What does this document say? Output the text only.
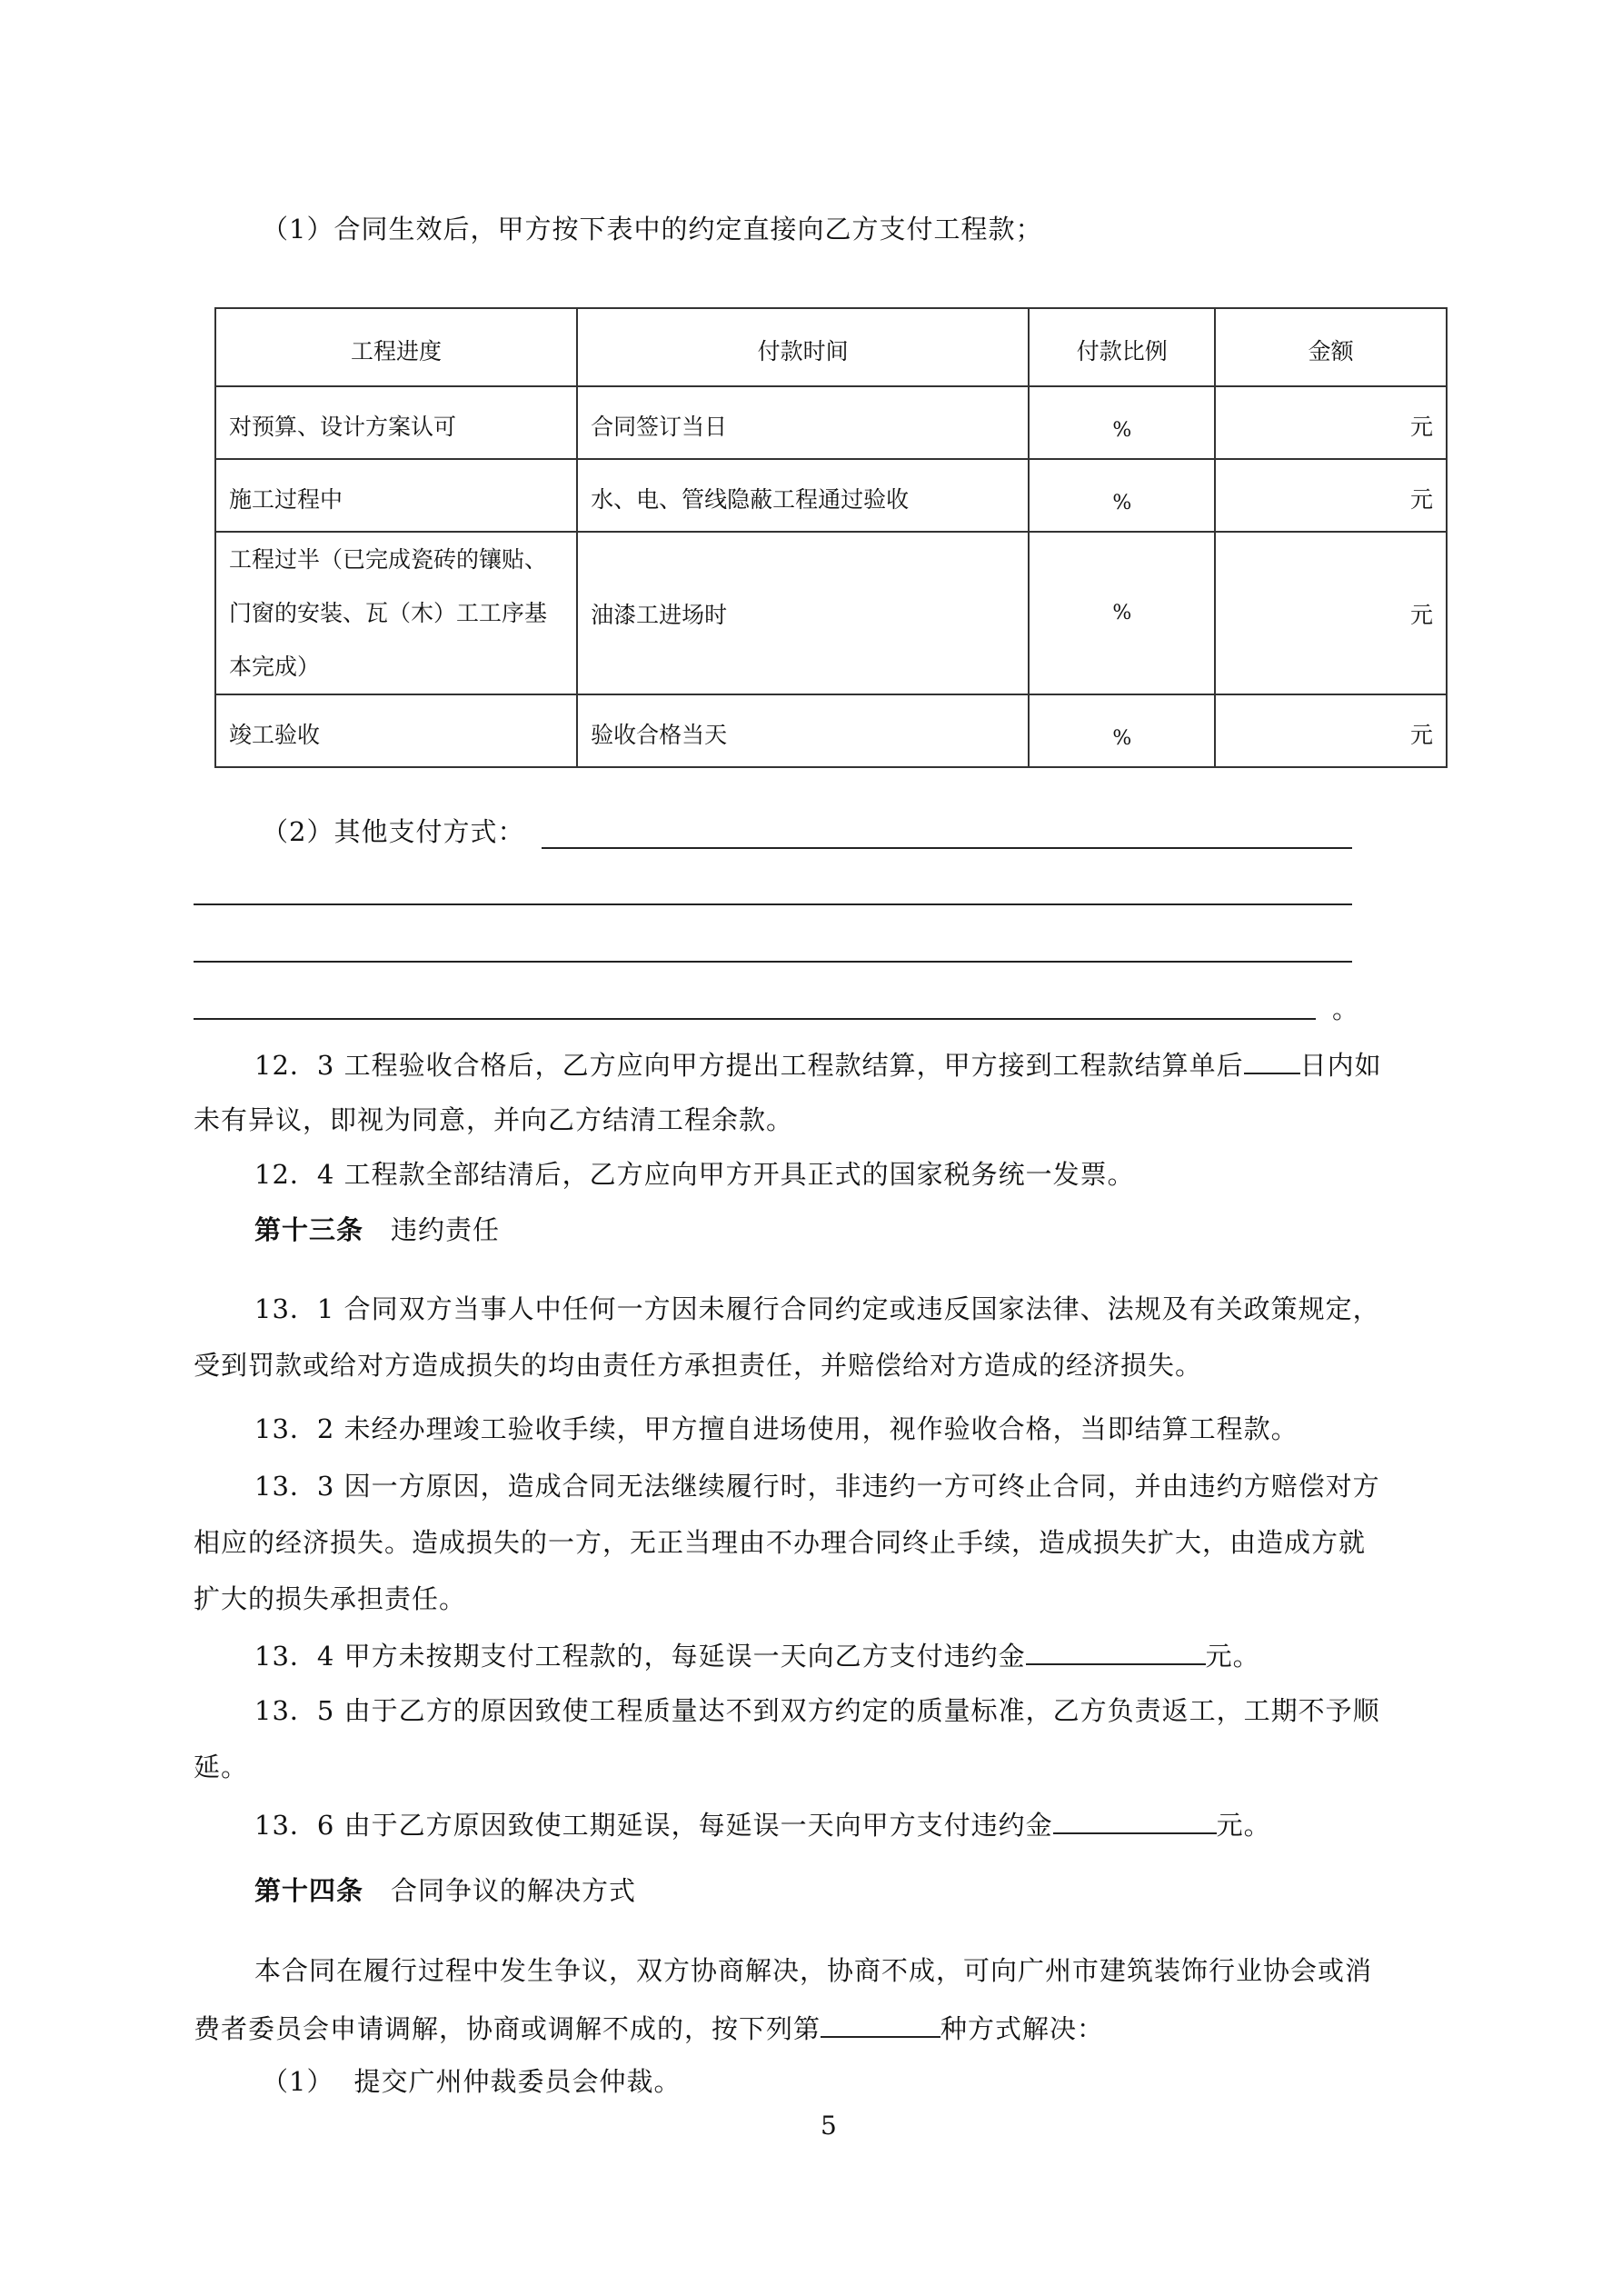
（1）合同生效后，甲方按下表中的约定直接向乙方支付工程款；
工程进度	付款时间	付款比例	金额
对预算、设计方案认可	合同签订当日	%	元
施工过程中	水、电、管线隐蔽工程通过验收	%	元

工程过半（已完成瓷砖的镶贴、
门窗的安装、瓦（木）工工序基
本完成）	油漆工进场时	%	元
竣工验收	验收合格当天	%	元
（2）其他支付方式：
。
12．3 工程验收合格后，乙方应向甲方提出工程款结算，甲方接到工程款结算单后 日内如
未有异议，即视为同意，并向乙方结清工程余款。
12．4 工程款全部结清后，乙方应向甲方开具正式的国家税务统一发票。
第十三条 违约责任
13．1 合同双方当事人中任何一方因未履行合同约定或违反国家法律、法规及有关政策规定，
受到罚款或给对方造成损失的均由责任方承担责任，并赔偿给对方造成的经济损失。
13．2 未经办理竣工验收手续，甲方擅自进场使用，视作验收合格，当即结算工程款。
13．3 因一方原因，造成合同无法继续履行时，非违约一方可终止合同，并由违约方赔偿对方
相应的经济损失。造成损失的一方，无正当理由不办理合同终止手续，造成损失扩大，由造成方就
扩大的损失承担责任。
13．4 甲方未按期支付工程款的，每延误一天向乙方支付违约金	元。
13．5 由于乙方的原因致使工程质量达不到双方约定的质量标准，乙方负责返工，工期不予顺
延。
13．6 由于乙方原因致使工期延误，每延误一天向甲方支付违约金	元。
第十四条 合同争议的解决方式
本合同在履行过程中发生争议，双方协商解决，协商不成，可向广州市建筑装饰行业协会或消
费者委员会申请调解，协商或调解不成的，按下列第	种方式解决：
（1） 提交广州仲裁委员会仲裁。
5
